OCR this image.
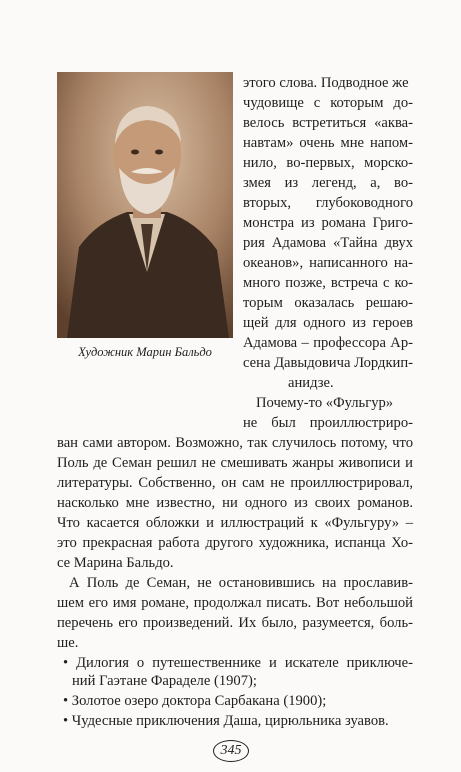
Художник Марин Бальдо
этого слова. Подводное же
чудовище с которым до-
велось встретиться «аква-
навтам» очень мне напом-
нило, во-первых, морско-
змея из легенд, а, во-
вторых, глубоководного
монстра из романа Григо-
рия Адамова «Тайна двух
океанов», написанного на-
много позже, встреча с ко-
торым оказалась решаю-
щей для одного из героев
Адамова – профессора Ар-
сена Давыдовича Лордкип-
анидзе.
Почему-то «Фульгур»
не был проиллюстриро-
ван сами автором. Возможно, так случилось потому, что
Поль де Семан решил не смешивать жанры живописи и
литературы. Собственно, он сам не проиллюстрировал,
насколько мне известно, ни одного из своих романов.
Что касается обложки и иллюстраций к «Фульгуру» –
это прекрасная работа другого художника, испанца Хо-
се Марина Бальдо.
А Поль де Семан, не остановившись на прославив-
шем его имя романе, продолжал писать. Вот небольшой
перечень его произведений. Их было, разумеется, боль-
ше.
• Дилогия о путешественнике и искателе приключе-
ний Гаэтане Фараделе (1907);
• Золотое озеро доктора Сарбакана (1900);
• Чудесные приключения Даша, цирюльника зуавов.
345
